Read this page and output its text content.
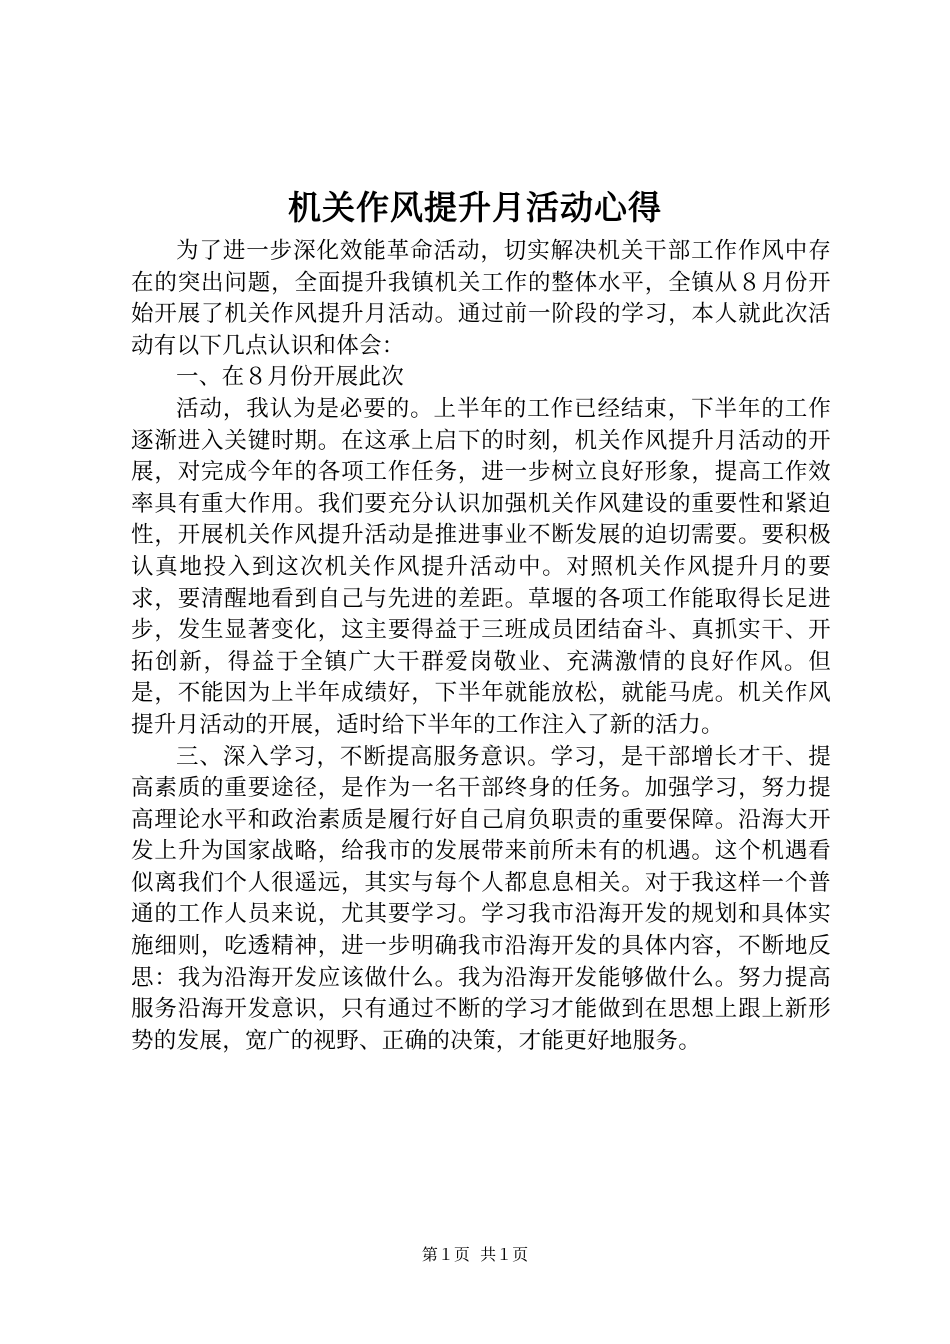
机关作风提升月活动心得

为了进一步深化效能革命活动，切实解决机关干部工作作风中存在的突出问题，全面提升我镇机关工作的整体水平，全镇从８月份开始开展了机关作风提升月活动。通过前一阶段的学习，本人就此次活动有以下几点认识和体会：

一、在８月份开展此次

活动，我认为是必要的。上半年的工作已经结束，下半年的工作逐渐进入关键时期。在这承上启下的时刻，机关作风提升月活动的开展，对完成今年的各项工作任务，进一步树立良好形象，提高工作效率具有重大作用。我们要充分认识加强机关作风建设的重要性和紧迫性，开展机关作风提升活动是推进事业不断发展的迫切需要。要积极认真地投入到这次机关作风提升活动中。对照机关作风提升月的要求，要清醒地看到自己与先进的差距。草堰的各项工作能取得长足进步，发生显著变化，这主要得益于三班成员团结奋斗、真抓实干、开拓创新，得益于全镇广大干群爱岗敬业、充满激情的良好作风。但是，不能因为上半年成绩好，下半年就能放松，就能马虎。机关作风提升月活动的开展，适时给下半年的工作注入了新的活力。

三、深入学习，不断提高服务意识。学习，是干部增长才干、提高素质的重要途径，是作为一名干部终身的任务。加强学习，努力提高理论水平和政治素质是履行好自己肩负职责的重要保障。沿海大开发上升为国家战略，给我市的发展带来前所未有的机遇。这个机遇看似离我们个人很遥远，其实与每个人都息息相关。对于我这样一个普通的工作人员来说，尤其要学习。学习我市沿海开发的规划和具体实施细则，吃透精神，进一步明确我市沿海开发的具体内容，不断地反思：我为沿海开发应该做什么。我为沿海开发能够做什么。努力提高服务沿海开发意识，只有通过不断的学习才能做到在思想上跟上新形势的发展，宽广的视野、正确的决策，才能更好地服务。

第１页  共１页
